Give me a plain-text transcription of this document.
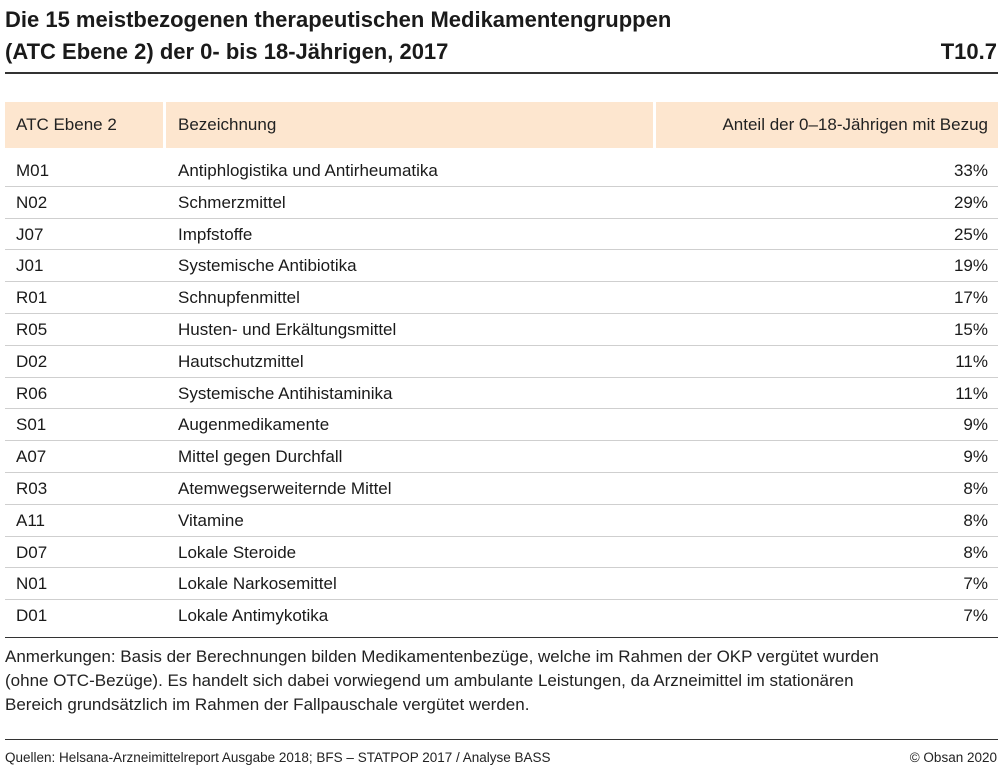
Die 15 meistbezogenen therapeutischen Medikamentengruppen
(ATC Ebene 2) der 0- bis 18-Jährigen, 2017	T10.7
ATC Ebene 2	Bezeichnung	Anteil der 0–18-Jährigen mit Bezug
M01	Antiphlogistika und Antirheumatika	33%
N02	Schmerzmittel	29%
J07	Impfstoffe	25%
J01	Systemische Antibiotika	19%
R01	Schnupfenmittel	17%
R05	Husten- und Erkältungsmittel	15%
D02	Hautschutzmittel	11%
R06	Systemische Antihistaminika	11%
S01	Augenmedikamente	9%
A07	Mittel gegen Durchfall	9%
R03	Atemwegserweiternde Mittel	8%
A11	Vitamine	8%
D07	Lokale Steroide	8%
N01	Lokale Narkosemittel	7%
D01	Lokale Antimykotika	7%

Anmerkungen: Basis der Berechnungen bilden Medikamentenbezüge, welche im Rahmen der OKP vergütet wurden

(ohne OTC-Bezüge). Es handelt sich dabei vorwiegend um ambulante Leistungen, da Arzneimittel im stationären

Bereich grundsätzlich im Rahmen der Fallpauschale vergütet werden.

Quellen: Helsana-Arzneimittelreport Ausgabe 2018; BFS – STATPOP 2017 / Analyse BASS	© Obsan 2020
